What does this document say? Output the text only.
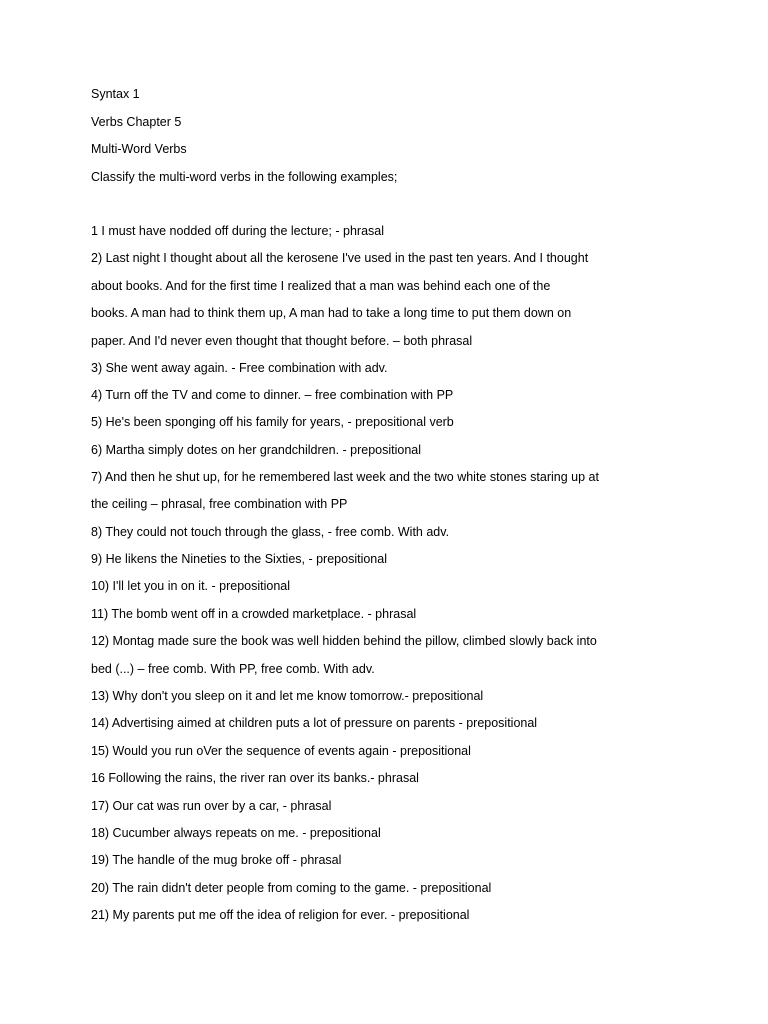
Syntax 1
Verbs Chapter 5
Multi-Word Verbs
Classify the multi-word verbs in the following examples;
1 I must have nodded off during the lecture; - phrasal
2) Last night I thought about all the kerosene I've used in the past ten years. And I thought
about books. And for the first time I realized that a man was behind each one of the
books. A man had to think them up, A man had to take a long time to put them down on
paper. And I'd never even thought that thought before. – both phrasal
3) She went away again. - Free combination with adv.
4) Turn off the TV and come to dinner. – free combination with PP
5) He's been sponging off his family for years, - prepositional verb
6) Martha simply dotes on her grandchildren. - prepositional
7) And then he shut up, for he remembered last week and the two white stones staring up at
the ceiling – phrasal, free combination with PP
8) They could not touch through the glass, - free comb. With adv.
9) He likens the Nineties to the Sixties, - prepositional
10) I'll let you in on it. - prepositional
11) The bomb went off in a crowded marketplace. - phrasal
12) Montag made sure the book was well hidden behind the pillow, climbed slowly back into
bed (...) – free comb. With PP, free comb. With adv.
13) Why don't you sleep on it and let me know tomorrow.- prepositional
14) Advertising aimed at children puts a lot of pressure on parents - prepositional
15) Would you run oVer the sequence of events again - prepositional
16 Following the rains, the river ran over its banks.- phrasal
17) Our cat was run over by a car, - phrasal
18) Cucumber always repeats on me. - prepositional
19) The handle of the mug broke off - phrasal
20) The rain didn't deter people from coming to the game. - prepositional
21) My parents put me off the idea of religion for ever. - prepositional
